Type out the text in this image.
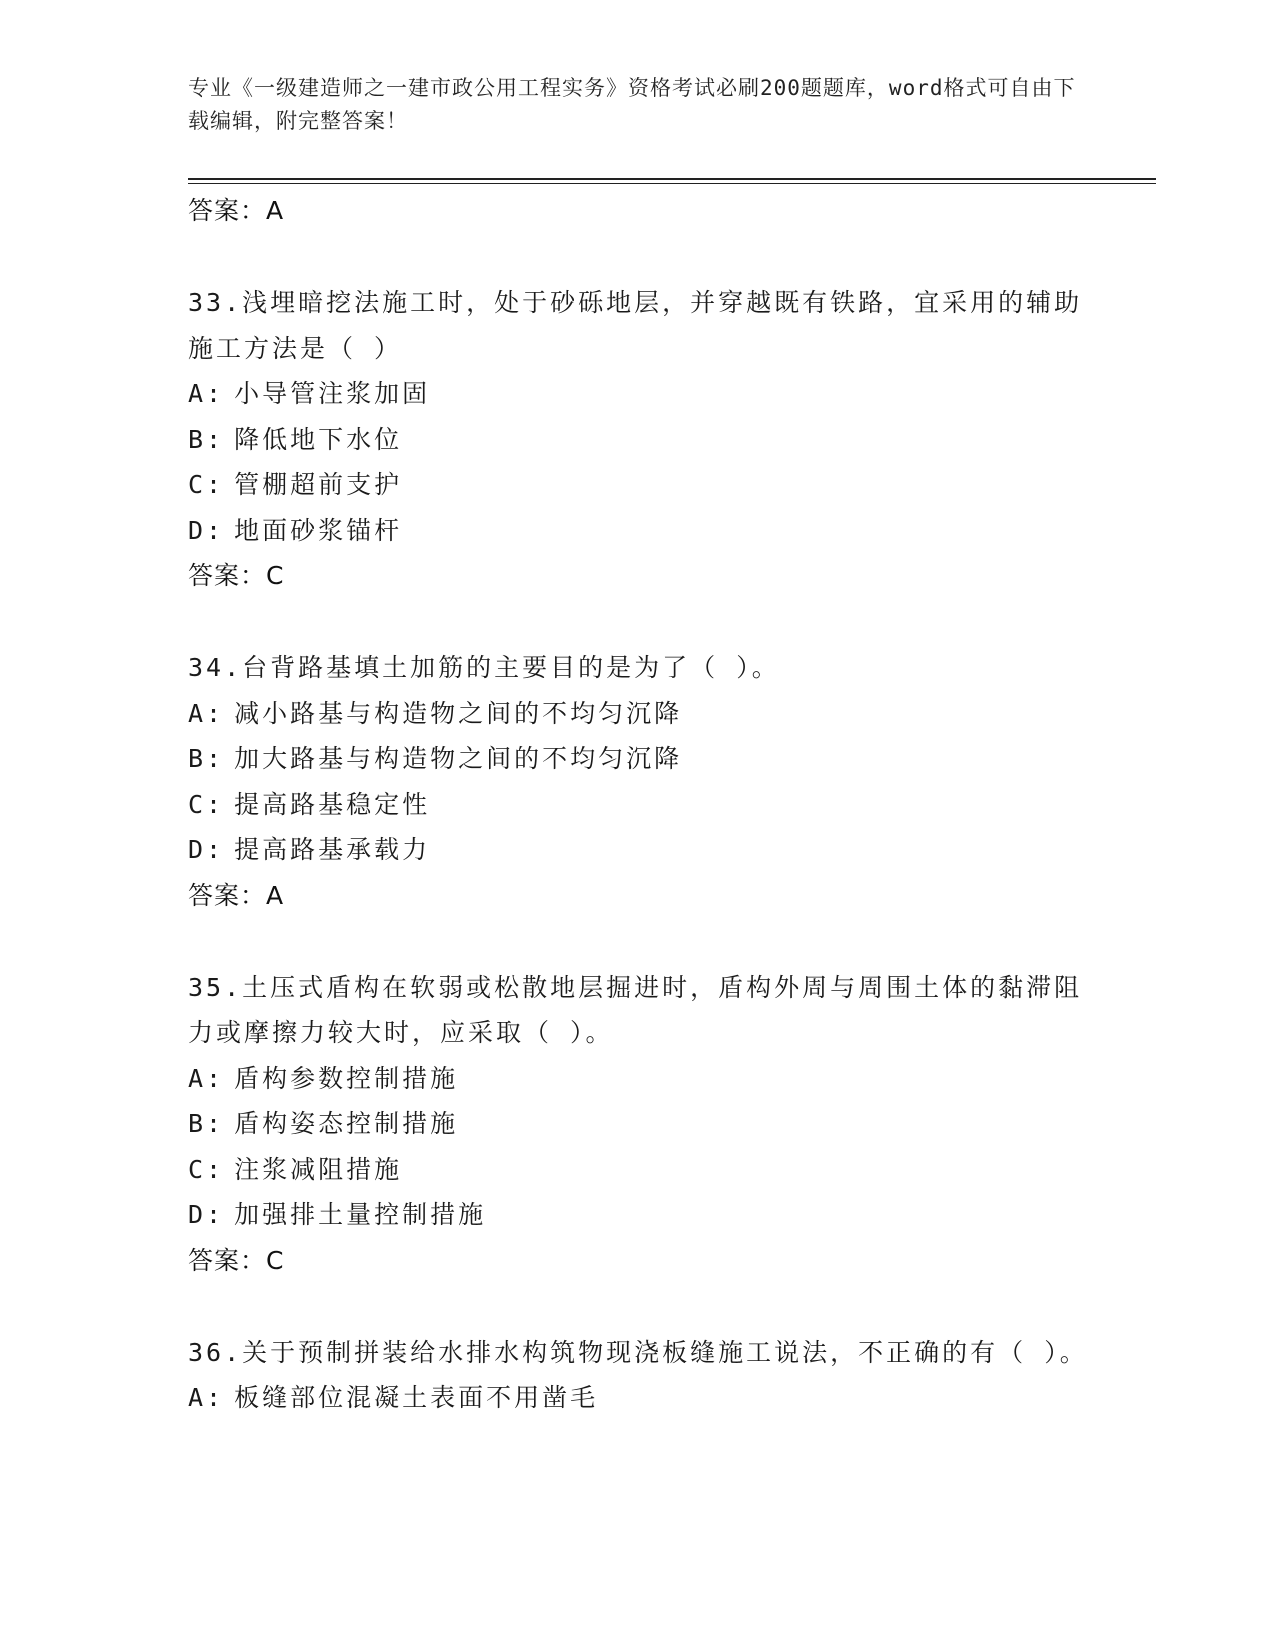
专业《一级建造师之一建市政公用工程实务》资格考试必刷200题题库，word格式可自由下载编辑，附完整答案！
答案：A
33.浅埋暗挖法施工时，处于砂砾地层，并穿越既有铁路，宜采用的辅助施工方法是（ ）
A: 小导管注浆加固
B: 降低地下水位
C: 管棚超前支护
D: 地面砂浆锚杆
答案：C
34.台背路基填土加筋的主要目的是为了（ ）。
A: 减小路基与构造物之间的不均匀沉降
B: 加大路基与构造物之间的不均匀沉降
C: 提高路基稳定性
D: 提高路基承载力
答案：A
35.土压式盾构在软弱或松散地层掘进时，盾构外周与周围土体的黏滞阻力或摩擦力较大时，应采取（ ）。
A: 盾构参数控制措施
B: 盾构姿态控制措施
C: 注浆减阻措施
D: 加强排土量控制措施
答案：C
36.关于预制拼装给水排水构筑物现浇板缝施工说法，不正确的有（ ）。
A: 板缝部位混凝土表面不用凿毛
